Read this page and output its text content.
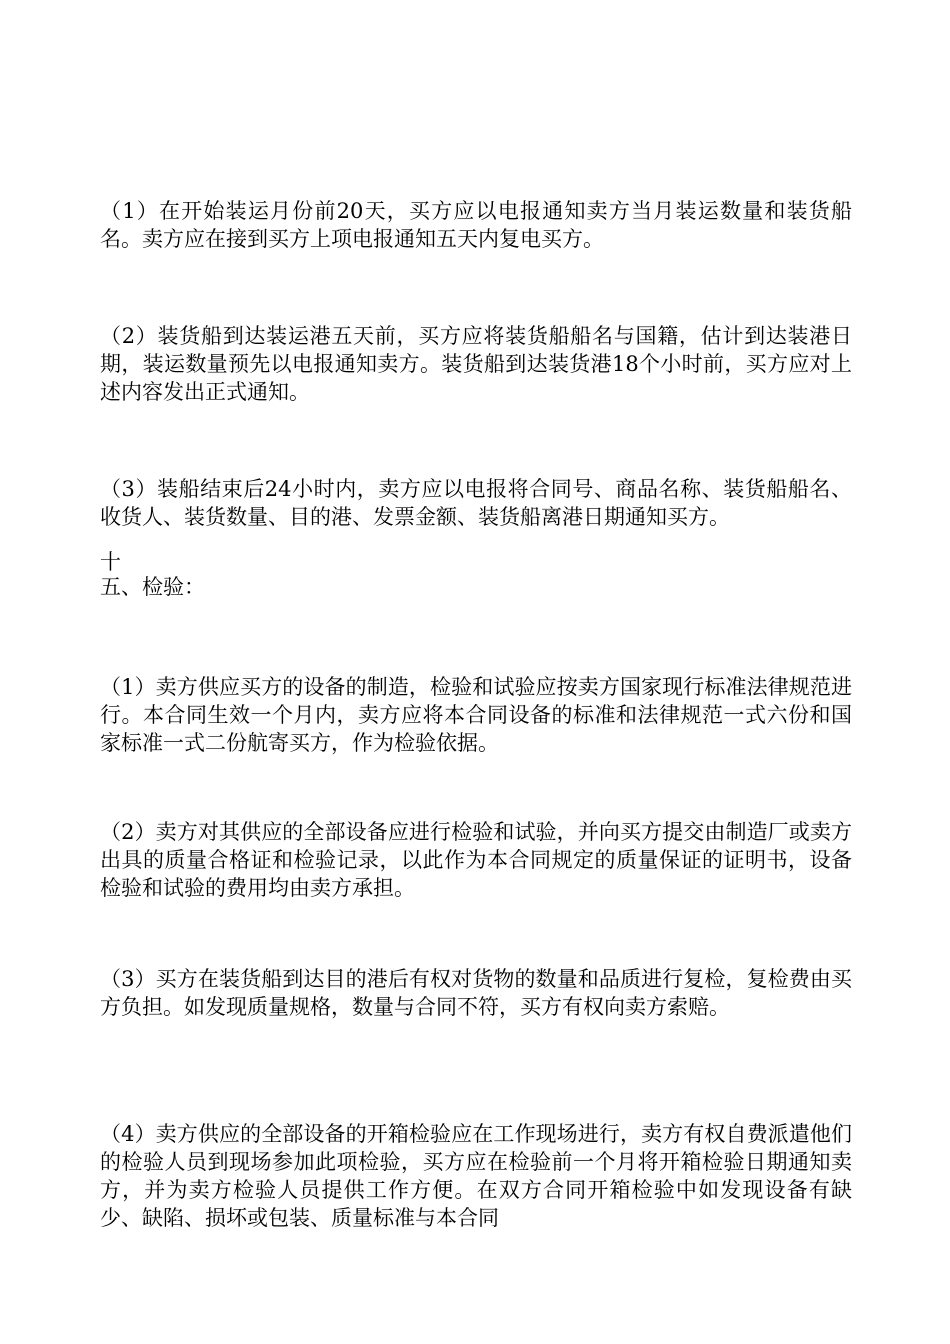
（1）在开始装运月份前20天，买方应以电报通知卖方当月装运数量和装货船名。卖方应在接到买方上项电报通知五天内复电买方。

（2）装货船到达装运港五天前，买方应将装货船船名与国籍，估计到达装港日期，装运数量预先以电报通知卖方。装货船到达装货港18个小时前，买方应对上述内容发出正式通知。

（3）装船结束后24小时内，卖方应以电报将合同号、商品名称、装货船船名、收货人、装货数量、目的港、发票金额、装货船离港日期通知买方。

十

五、检验：

（1）卖方供应买方的设备的制造，检验和试验应按卖方国家现行标准法律规范进行。本合同生效一个月内，卖方应将本合同设备的标准和法律规范一式六份和国家标准一式二份航寄买方，作为检验依据。

（2）卖方对其供应的全部设备应进行检验和试验，并向买方提交由制造厂或卖方出具的质量合格证和检验记录，以此作为本合同规定的质量保证的证明书，设备检验和试验的费用均由卖方承担。

（3）买方在装货船到达目的港后有权对货物的数量和品质进行复检，复检费由买方负担。如发现质量规格，数量与合同不符，买方有权向卖方索赔。

（4）卖方供应的全部设备的开箱检验应在工作现场进行，卖方有权自费派遣他们的检验人员到现场参加此项检验，买方应在检验前一个月将开箱检验日期通知卖方，并为卖方检验人员提供工作方便。在双方合同开箱检验中如发现设备有缺少、缺陷、损坏或包装、质量标准与本合同
